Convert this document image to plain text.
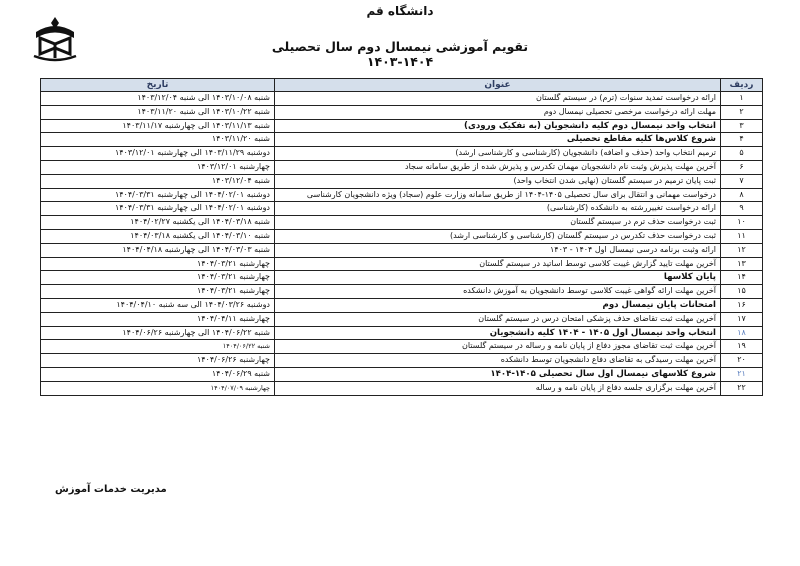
دانشگاه قم
تقویم آموزشی نیمسال دوم سال تحصیلی ۱۴۰۴-۱۴۰۳
ردیف	عنوان	تاریخ
۱	ارائه درخواست تمدید سنوات (ترم) در سیستم گلستان	شنبه ۱۴۰۳/۱۰/۰۸ الی شنبه ۱۴۰۳/۱۲/۰۴
۲	مهلت ارائه درخواست مرخصی تحصیلی نیمسال دوم	شنبه ۱۴۰۳/۱۰/۲۲ الی شنبه ۱۴۰۳/۱۱/۲۰
۳	انتخاب واحد نیمسال دوم کلیه دانشجویان (به تفکیک ورودی)	شنبه ۱۴۰۳/۱۱/۱۳ الی چهارشنبه ۱۴۰۳/۱۱/۱۷
۴	شروع کلاس‌ها کلیه مقاطع تحصیلی	شنبه ۱۴۰۳/۱۱/۲۰
۵	ترمیم انتخاب واحد (حذف و اضافه) دانشجویان (کارشناسی و کارشناسی ارشد)	دوشنبه ۱۴۰۳/۱۱/۲۹ الی چهارشنبه ۱۴۰۳/۱۲/۰۱
۶	آخرین مهلت پذیرش وثبت نام دانشجویان مهمان تکدرس و پذیرش شده از طریق سامانه سجاد	چهارشنبه ۱۴۰۳/۱۲/۰۱
۷	ثبت پایان ترمیم در سیستم گلستان (نهایی شدن انتخاب واحد)	شنبه ۱۴۰۳/۱۲/۰۴
۸	درخواست مهمانی و انتقال برای سال تحصیلی ۱۴۰۵-۱۴۰۴ از طریق سامانه وزارت علوم (سجاد) ویژه دانشجویان کارشناسی	دوشنبه ۱۴۰۴/۰۲/۰۱ الی چهارشنبه ۱۴۰۴/۰۳/۳۱
۹	ارائه درخواست تغییررشته به دانشکده (کارشناسی)	دوشنبه ۱۴۰۴/۰۲/۰۱ الی چهارشنبه ۱۴۰۴/۰۳/۳۱
۱۰	ثبت درخواست حذف ترم در سیستم گلستان	شنبه ۱۴۰۴/۰۳/۱۸ الی یکشنبه ۱۴۰۴/۰۲/۲۷
۱۱	ثبت درخواست حذف تکدرس در سیستم گلستان (کارشناسی و کارشناسی ارشد)	شنبه ۱۴۰۴/۰۳/۱۰ الی یکشنبه ۱۴۰۴/۰۳/۱۸
۱۲	ارائه وثبت برنامه درسی نیمسال اول ۱۴۰۴ - ۱۴۰۳	شنبه ۱۴۰۴/۰۳/۰۳ الی چهارشنبه ۱۴۰۴/۰۴/۱۸
۱۳	آخرین مهلت تایید گزارش غیبت کلاسی توسط اساتید در سیستم گلستان	چهارشنبه ۱۴۰۴/۰۳/۲۱
۱۴	پایان کلاسها	چهارشنبه ۱۴۰۴/۰۳/۲۱
۱۵	آخرین مهلت ارائه گواهی غیبت کلاسی توسط دانشجویان به آموزش دانشکده	چهارشنبه ۱۴۰۴/۰۳/۲۱
۱۶	امتحانات پایان نیمسال دوم	دوشنبه ۱۴۰۴/۰۳/۲۶ الی سه شنبه ۱۴۰۴/۰۴/۱۰
۱۷	آخرین مهلت ثبت تقاضای حذف پزشکی امتحان درس در سیستم گلستان	چهارشنبه ۱۴۰۴/۰۴/۱۱
۱۸	انتخاب واحد نیمسال اول ۱۴۰۵ - ۱۴۰۴ کلیه دانشجویان	شنبه ۱۴۰۴/۰۶/۲۲ الی چهارشنبه ۱۴۰۴/۰۶/۲۶
۱۹	آخرین مهلت ثبت تقاضای مجوز دفاع از پایان نامه و رساله در سیستم گلستان	شنبه ۱۴۰۴/۰۶/۲۲
۲۰	آخرین مهلت رسیدگی به تقاضای دفاع دانشجویان توسط دانشکده	چهارشنبه ۱۴۰۴/۰۶/۲۶
۲۱	شروع کلاسهای نیمسال اول سال تحصیلی ۱۴۰۵-۱۴۰۴	شنبه ۱۴۰۴/۰۶/۲۹
۲۲	آخرین مهلت برگزاری جلسه دفاع از پایان نامه و رساله	چهارشنبه ۱۴۰۴/۰۷/۰۹
مدیریت خدمات آموزش
